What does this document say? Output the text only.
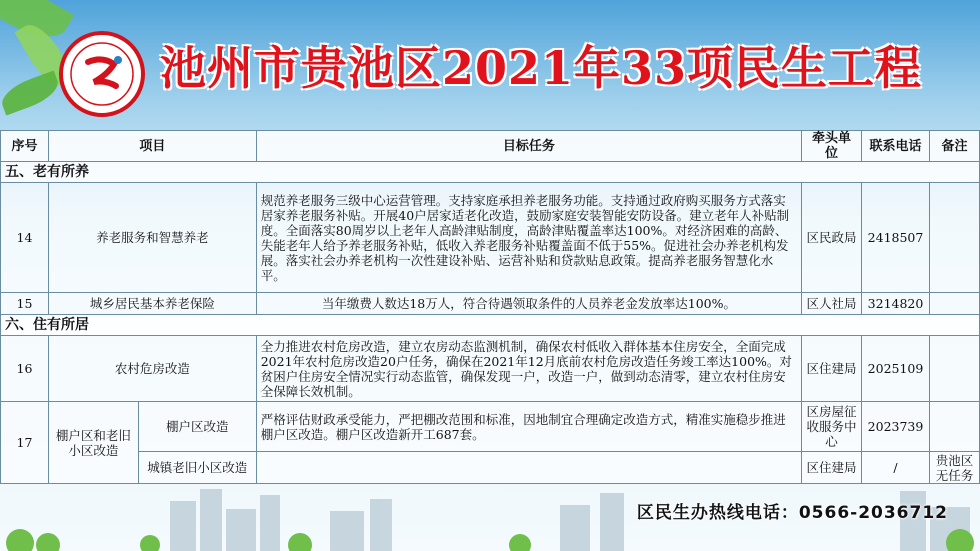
池州市贵池区2021年33项民生工程
序号	项目		目标任务	牵头单位	联系电话	备注
五、老有所养						
14	养老服务和智慧养老		规范养老服务三级中心运营管理。支持家庭承担养老服务功能。支持通过政府购买服务方式落实居家养老服务补贴。开展40户居家适老化改造，鼓励家庭安装智能安防设备。建立老年人补贴制度。全面落实80周岁以上老年人高龄津贴制度，高龄津贴覆盖率达100%。对经济困难的高龄、失能老年人给予养老服务补贴，低收入养老服务补贴覆盖面不低于55%。促进社会办养老机构发展。落实社会办养老机构一次性建设补贴、运营补贴和贷款贴息政策。提高养老服务智慧化水平。	区民政局	2418507	
15	城乡居民基本养老保险		当年缴费人数达18万人，符合待遇领取条件的人员养老金发放率达100%。	区人社局	3214820	
六、住有所居						
16	农村危房改造		全力推进农村危房改造，建立农房动态监测机制，确保农村低收入群体基本住房安全，全面完成2021年农村危房改造20户任务，确保在2021年12月底前农村危房改造任务竣工率达100%。对贫困户住房安全情况实行动态监管，确保发现一户，改造一户，做到动态清零，建立农村住房安全保障长效机制。	区住建局	2025109	
17	棚户区和老旧小区改造	棚户区改造	严格评估财政承受能力，严把棚改范围和标准，因地制宜合理确定改造方式，精准实施稳步推进棚户区改造。棚户区改造新开工687套。	区房屋征收服务中心	2023739	
		城镇老旧小区改造		区住建局	/	贵池区无任务
区民生办热线电话：0566-2036712
